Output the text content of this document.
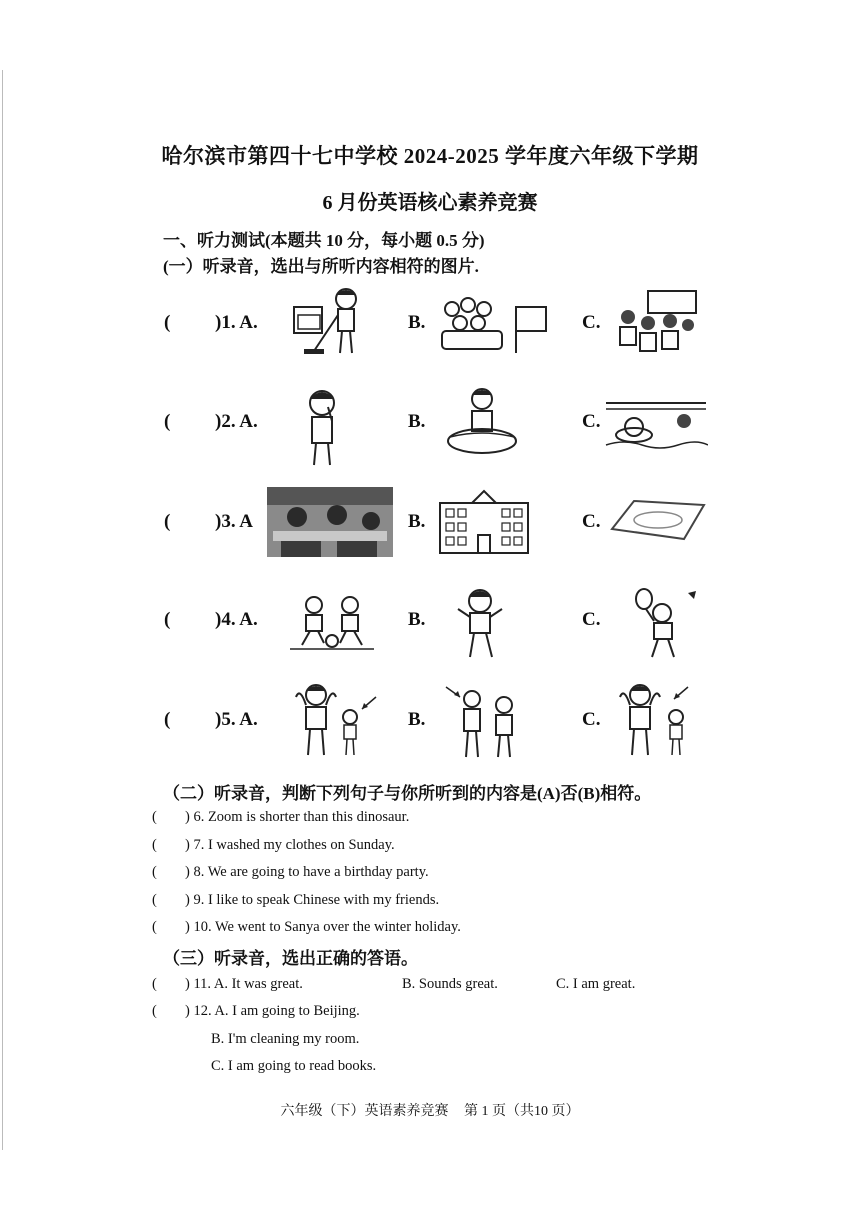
哈尔滨市第四十七中学校 2024-2025 学年度六年级下学期
6 月份英语核心素养竞赛
一、听力测试(本题共 10 分，每小题 0.5 分)
(一）听录音，选出与所听内容相符的图片.
( )1. A.	B.	C.
( )2. A.	B.	C.
( )3. A	B.	C.
( )4. A.	B.	C.
( )5. A.	B.	C.
（二）听录音，判断下列句子与你所听到的内容是(A)否(B)相符。
( ) 6. Zoom is shorter than this dinosaur.
( ) 7. I washed my clothes on Sunday.
( ) 8. We are going to have a birthday party.
( ) 9. I like to speak Chinese with my friends.
( ) 10. We went to Sanya over the winter holiday.
（三）听录音，选出正确的答语。
( ) 11. A. It was great.	B. Sounds great.	C. I am great.
( ) 12. A. I am going to Beijing.
B. I'm cleaning my room.
C. I am going to read books.
六年级（下）英语素养竞赛 第 1 页（共10 页）
